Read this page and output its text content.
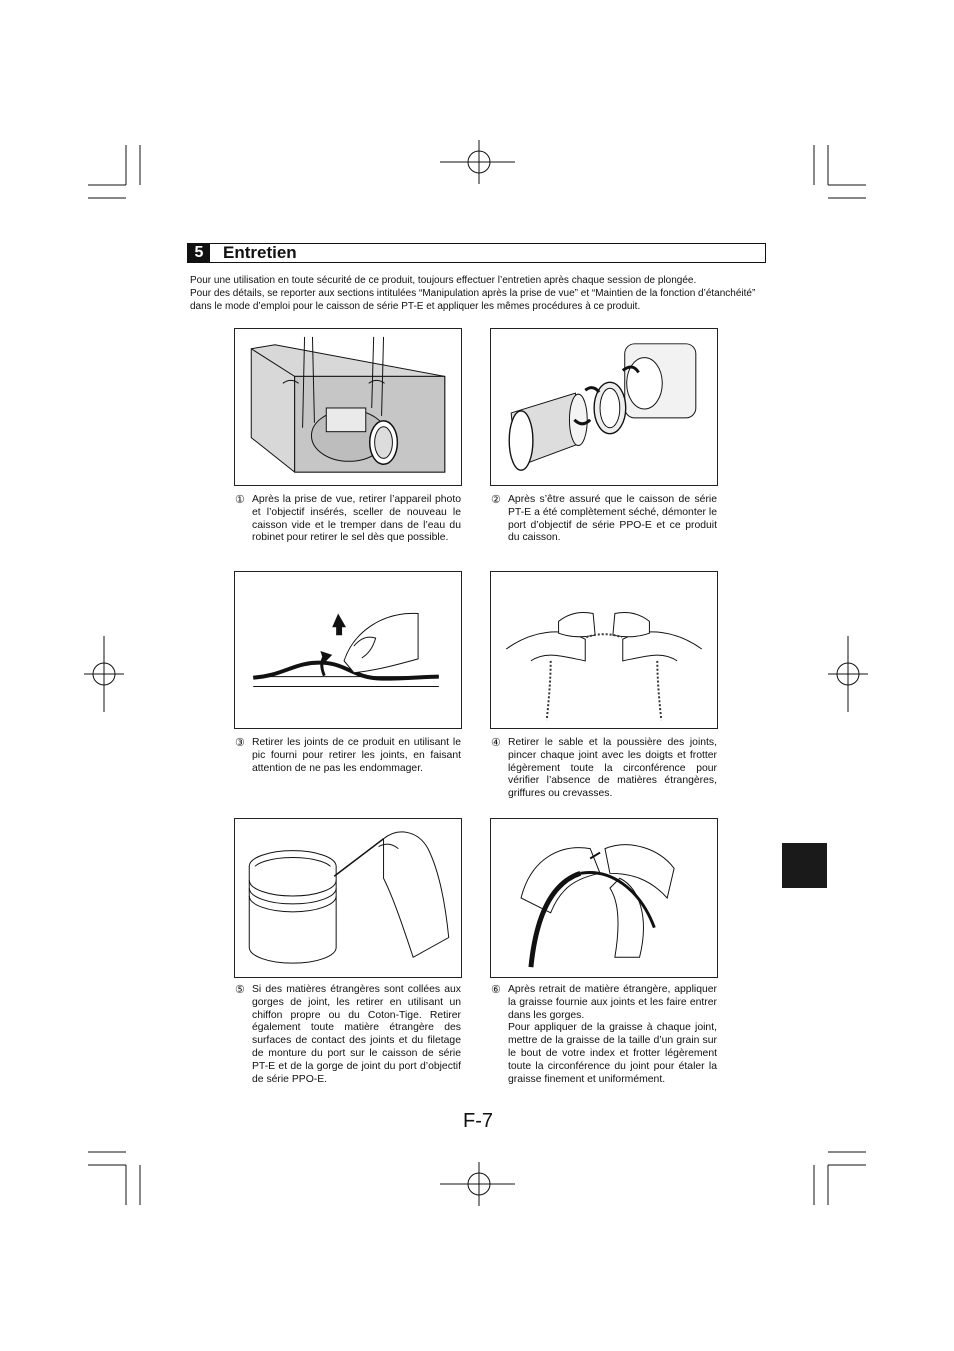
5	Entretien

Pour une utilisation en toute sécurité de ce produit, toujours effectuer l’entretien après chaque session de plongée.

Pour des détails, se reporter aux sections intitulées “Manipulation après la prise de vue” et “Maintien de la fonction d’étanchéité” dans le mode d’emploi pour le caisson de série PT-E et appliquer les mêmes procédures à ce produit.

① Après la prise de vue, retirer l’appareil photo et l’objectif insérés, sceller de nouveau le caisson vide et le tremper dans de l’eau du robinet pour retirer le sel dès que possible.
② Après s’être assuré que le caisson de série PT-E a été complètement séché, démonter le port d’objectif de série PPO-E et ce produit du caisson.
③ Retirer les joints de ce produit en utilisant le pic fourni pour retirer les joints, en faisant attention de ne pas les endommager.
④ Retirer le sable et la poussière des joints, pincer chaque joint avec les doigts et frotter légèrement toute la circonférence pour vérifier l’absence de matières étrangères, griffures ou crevasses.
⑤ Si des matières étrangères sont collées aux gorges de joint, les retirer en utilisant un chiffon propre ou du Coton-Tige. Retirer également toute matière étrangère des surfaces de contact des joints et du filetage de monture du port sur le caisson de série PT-E et de la gorge de joint du port d’objectif de série PPO-E.
⑥ Après retrait de matière étrangère, appliquer la graisse fournie aux joints et les faire entrer dans les gorges.
Pour appliquer de la graisse à chaque joint, mettre de la graisse de la taille d’un grain sur le bout de votre index et frotter légèrement toute la circonférence du joint pour étaler la graisse finement et uniformément.
F-7
